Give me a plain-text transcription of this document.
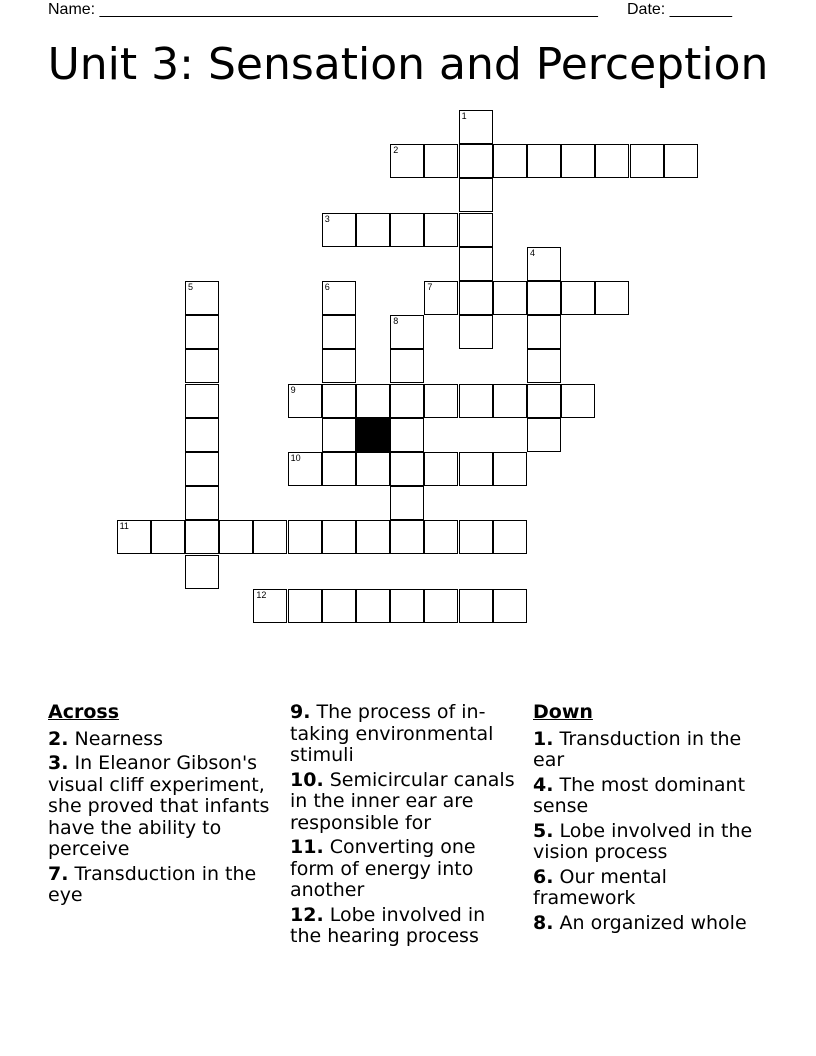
Name: ________________________________________________________ Date: _______
Unit 3: Sensation and Perception
1
2
3
4
5	6	7
8
9
10
11
12
Across
2. Nearness
3. In Eleanor Gibson's visual cliff experiment, she proved that infants have the ability to perceive
7. Transduction in the eye
9. The process of in-taking environmental stimuli
10. Semicircular canals in the inner ear are responsible for
11. Converting one form of energy into another
12. Lobe involved in the hearing process
Down
1. Transduction in the ear
4. The most dominant sense
5. Lobe involved in the vision process
6. Our mental framework
8. An organized whole
